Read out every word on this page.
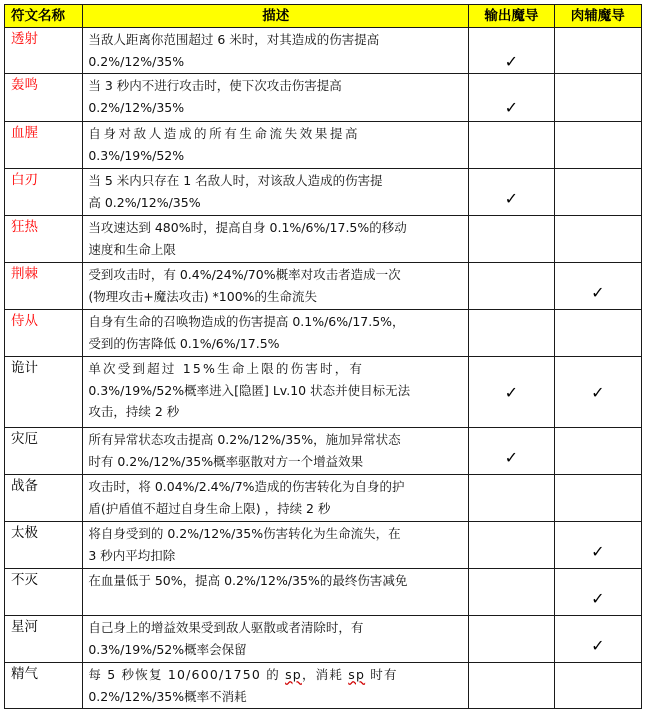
符文名称	描述	输出魔导	肉辅魔导
透射	当敌人距离你范围超过 6 米时，对其造成的伤害提高
0.2%/12%/35%	✓	
轰鸣	当 3 秒内不进行攻击时，使下次攻击伤害提高
0.2%/12%/35%	✓	
血腥	自身对敌人造成的所有生命流失效果提高
0.3%/19%/52%		

白刃	当 5 米内只存在 1 名敌人时，对该敌人造成的伤害提
高 0.2%/12%/35%	✓	
狂热	当攻速达到 480%时，提高自身 0.1%/6%/17.5%的移动
速度和生命上限		

荆棘	受到攻击时，有 0.4%/24%/70%概率对攻击者造成一次
(物理攻击+魔法攻击) *100%的生命流失		✓
侍从	自身有生命的召唤物造成的伤害提高 0.1%/6%/17.5%，
受到的伤害降低 0.1%/6%/17.5%		

诡计	单次受到超过 15%生命上限的伤害时，有
0.3%/19%/52%概率进入[隐匿] Lv.10 状态并使目标无法
攻击，持续 2 秒	✓	✓
灾厄	所有异常状态攻击提高 0.2%/12%/35%，施加异常状态
时有 0.2%/12%/35%概率驱散对方一个增益效果	✓	
战备	攻击时，将 0.04%/2.4%/7%造成的伤害转化为自身的护
盾(护盾值不超过自身生命上限) ，持续 2 秒		

太极	将自身受到的 0.2%/12%/35%伤害转化为生命流失，在
3 秒内平均扣除		✓
不灭	在血量低于 50%，提高 0.2%/12%/35%的最终伤害减免		✓
星河	自己身上的增益效果受到敌人驱散或者清除时，有
0.3%/19%/52%概率会保留		✓
精气	每 5 秒恢复 10/600/1750 的 sp，消耗 sp 时有
0.2%/12%/35%概率不消耗		
